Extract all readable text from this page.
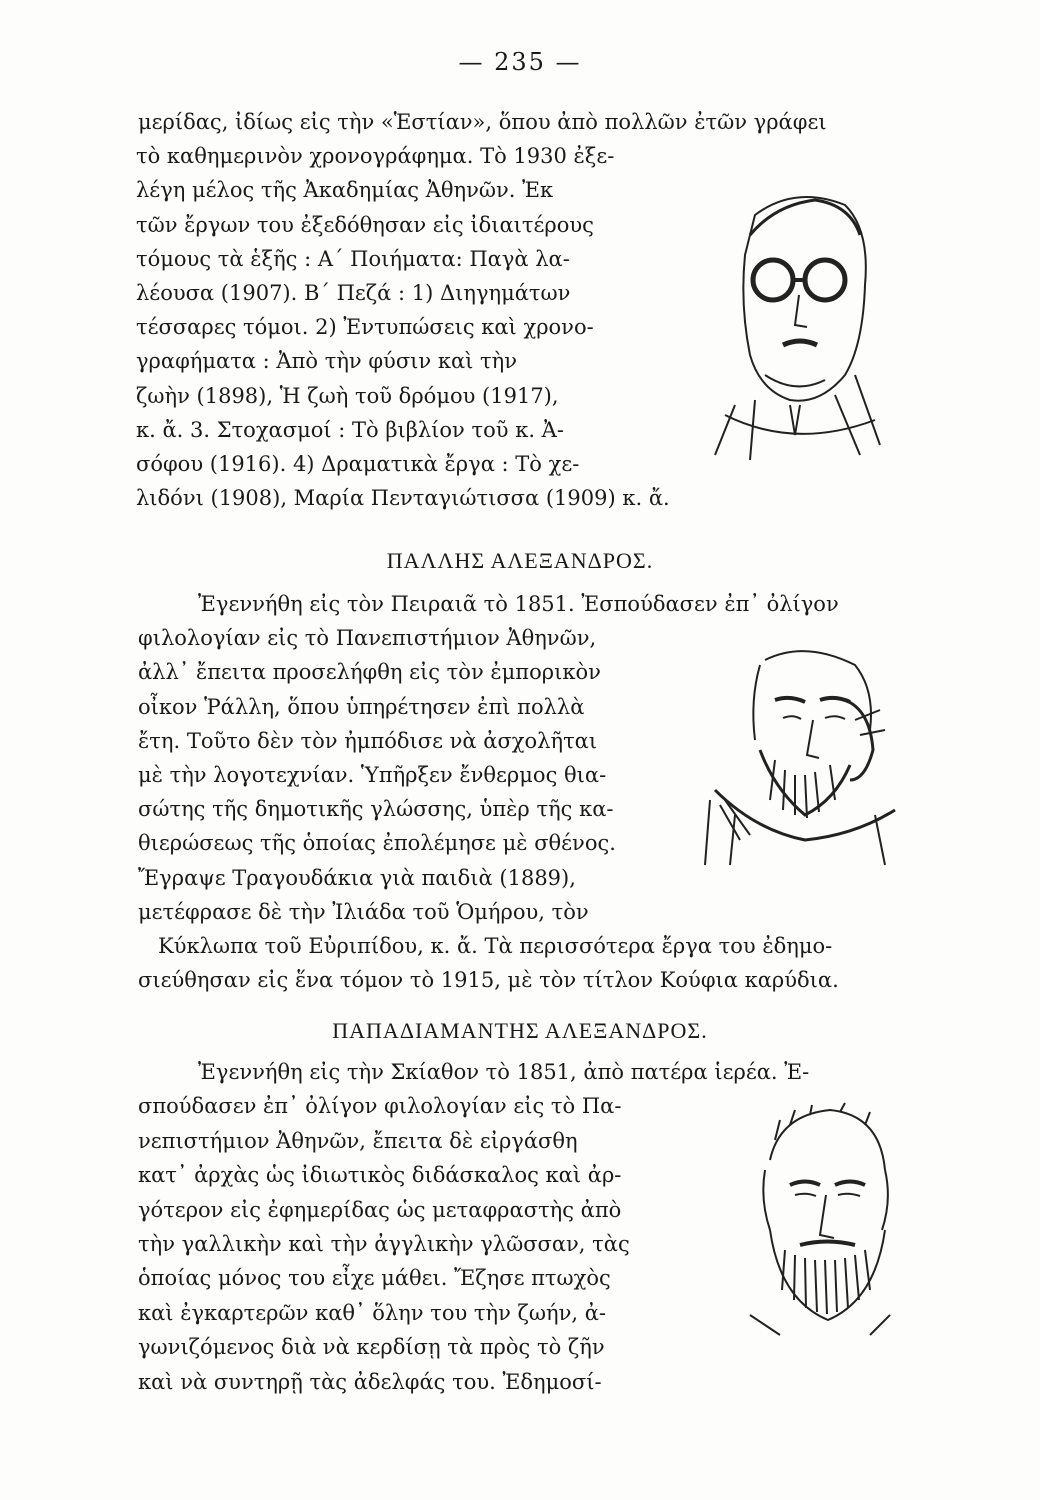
— 235 —
μερίδας, ἰδίως εἰς τὴν «Ἑστίαν», ὅπου ἀπὸ πολλῶν ἐτῶν γράφει
τὸ καθημερινὸν χρονογράφημα. Τὸ 1930 ἐξε-
λέγη μέλος τῆς Ἀκαδημίας Ἀθηνῶν. Ἐκ
τῶν ἔργων του ἐξεδόθησαν εἰς ἰδιαιτέρους
τόμους τὰ ἑξῆς : Α΄ Ποιήματα: Παγὰ λα-
λέουσα (1907). Β΄ Πεζά : 1) Διηγημάτων
τέσσαρες τόμοι. 2) Ἐντυπώσεις καὶ χρονο-
γραφήματα : Ἀπὸ τὴν φύσιν καὶ τὴν
ζωὴν (1898), Ἡ ζωὴ τοῦ δρόμου (1917),
κ. ἄ. 3. Στοχασμοί : Τὸ βιβλίον τοῦ κ. Ἀ-
σόφου (1916). 4) Δραματικὰ ἔργα : Τὸ χε-
λιδόνι (1908), Μαρία Πενταγιώτισσα (1909) κ. ἄ.
ΠΑΛΛΗΣ ΑΛΕΞΑΝΔΡΟΣ.
Ἐγεννήθη εἰς τὸν Πειραιᾶ τὸ 1851. Ἐσπούδασεν ἐπ᾽ ὀλίγον
φιλολογίαν εἰς τὸ Πανεπιστήμιον Ἀθηνῶν,
ἀλλ᾽ ἔπειτα προσελήφθη εἰς τὸν ἐμπορικὸν
οἶκον Ῥάλλη, ὅπου ὑπηρέτησεν ἐπὶ πολλὰ
ἔτη. Τοῦτο δὲν τὸν ἠμπόδισε νὰ ἀσχολῆται
μὲ τὴν λογοτεχνίαν. Ὑπῆρξεν ἔνθερμος θια-
σώτης τῆς δημοτικῆς γλώσσης, ὑπὲρ τῆς κα-
θιερώσεως τῆς ὁποίας ἐπολέμησε μὲ σθένος.
Ἔγραψε Τραγουδάκια γιὰ παιδιὰ (1889),
μετέφρασε δὲ τὴν Ἰλιάδα τοῦ Ὁμήρου, τὸν
Κύκλωπα τοῦ Εὐριπίδου, κ. ἄ. Τὰ περισσότερα ἔργα του ἐδημο-
σιεύθησαν εἰς ἕνα τόμον τὸ 1915, μὲ τὸν τίτλον Κούφια καρύδια.
ΠΑΠΑΔΙΑΜΑΝΤΗΣ ΑΛΕΞΑΝΔΡΟΣ.
Ἐγεννήθη εἰς τὴν Σκίαθον τὸ 1851, ἀπὸ πατέρα ἱερέα. Ἐ-
σπούδασεν ἐπ᾽ ὀλίγον φιλολογίαν εἰς τὸ Πα-
νεπιστήμιον Ἀθηνῶν, ἔπειτα δὲ εἰργάσθη
κατ᾽ ἀρχὰς ὡς ἰδιωτικὸς διδάσκαλος καὶ ἀρ-
γότερον εἰς ἐφημερίδας ὡς μεταφραστὴς ἀπὸ
τὴν γαλλικὴν καὶ τὴν ἀγγλικὴν γλῶσσαν, τὰς
ὁποίας μόνος του εἶχε μάθει. Ἔζησε πτωχὸς
καὶ ἐγκαρτερῶν καθ᾽ ὅλην του τὴν ζωήν, ἀ-
γωνιζόμενος διὰ νὰ κερδίσῃ τὰ πρὸς τὸ ζῆν
καὶ νὰ συντηρῇ τὰς ἀδελφάς του. Ἐδημοσί-
